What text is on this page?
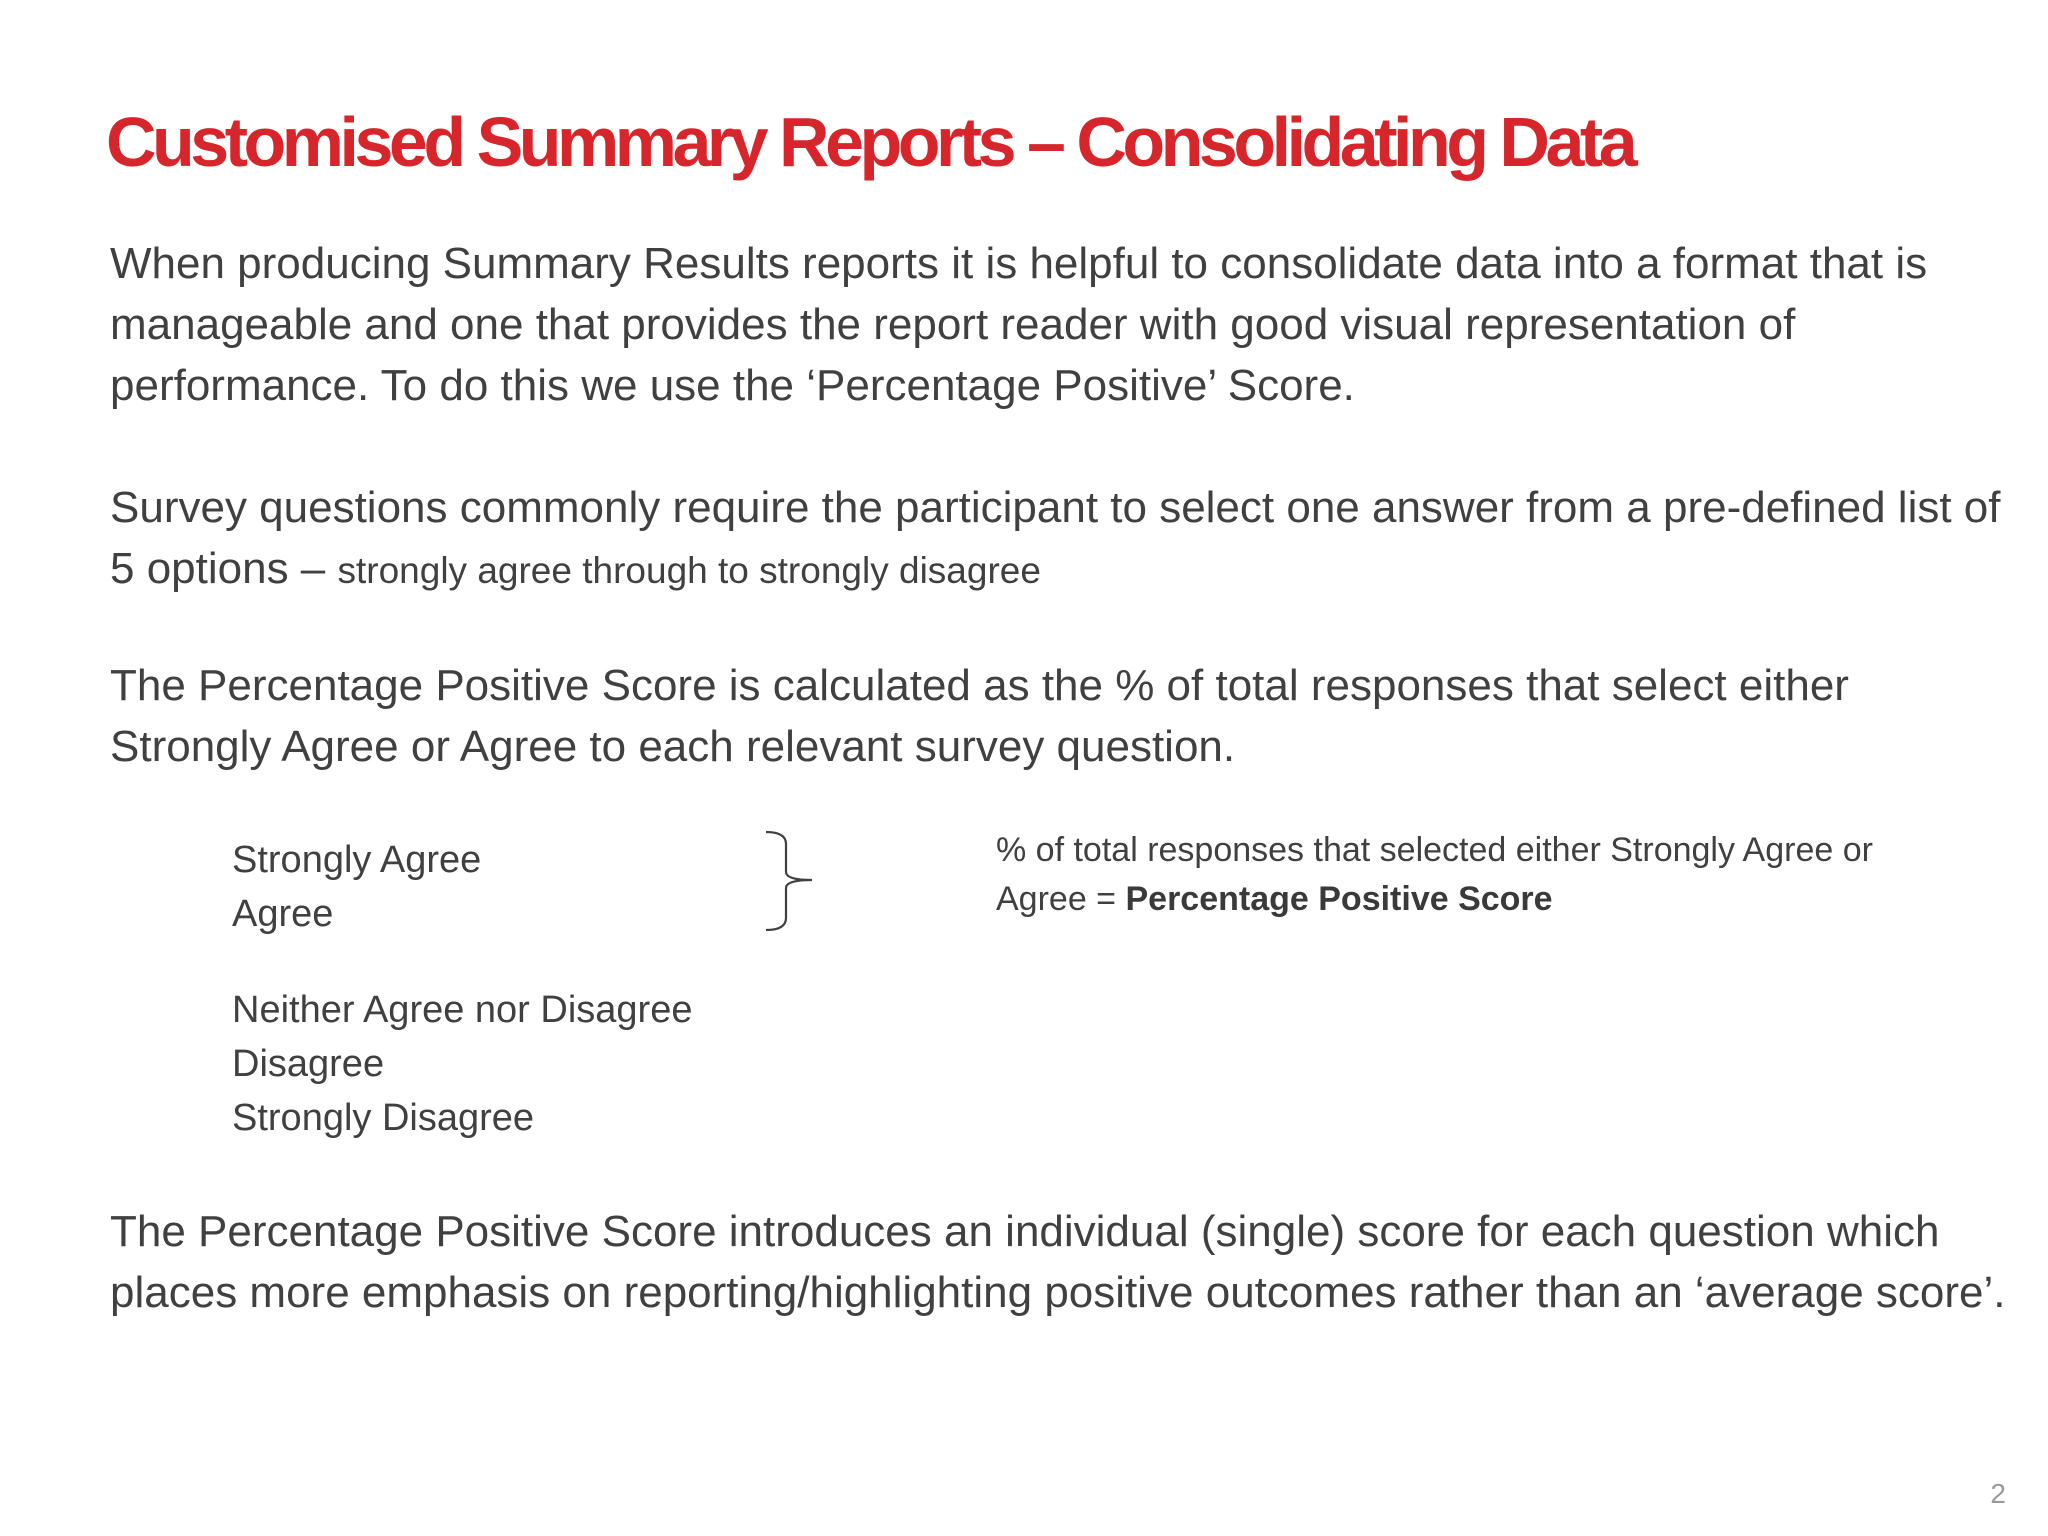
Customised Summary Reports – Consolidating Data

When producing Summary Results reports it is helpful to consolidate data into a format that is manageable and one that provides the report reader with good visual representation of performance. To do this we use the ‘Percentage Positive’ Score.

Survey questions commonly require the participant to select one answer from a pre-defined list of 5 options – strongly agree through to strongly disagree

The Percentage Positive Score is calculated as the % of total responses that select either Strongly Agree or Agree to each relevant survey question.

Strongly Agree
Agree

% of total responses that selected either Strongly Agree or Agree = Percentage Positive Score

Neither Agree nor Disagree
Disagree
Strongly Disagree

The Percentage Positive Score introduces an individual (single) score for each question which places more emphasis on reporting/highlighting positive outcomes rather than an ‘average score’.

2
